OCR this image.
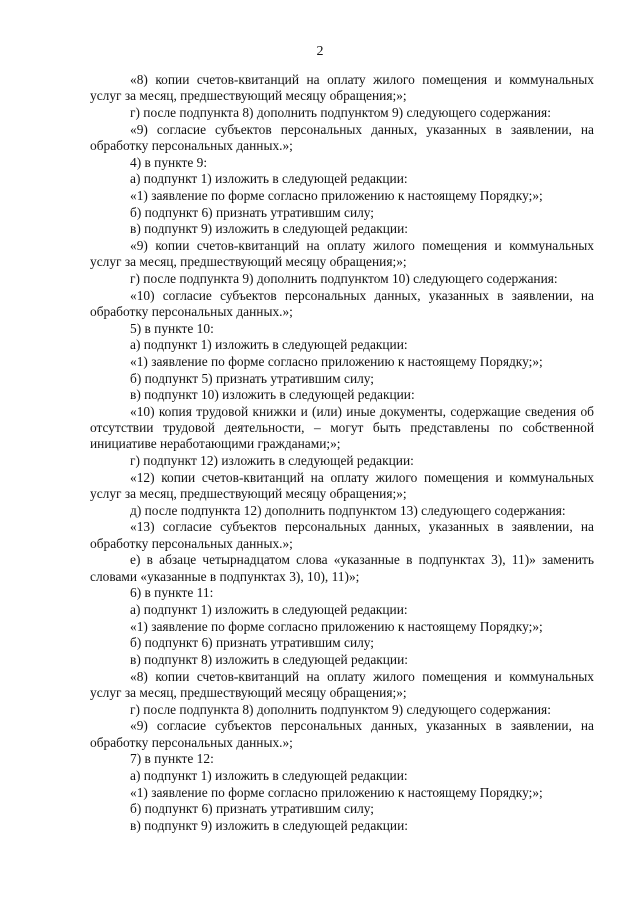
2

«8) копии счетов-квитанций на оплату жилого помещения и коммунальных услуг за месяц, предшествующий месяцу обращения;»;

г) после подпункта 8) дополнить подпунктом 9) следующего содержания:

«9) согласие субъектов персональных данных, указанных в заявлении, на обработку персональных данных.»;

4) в пункте 9:

а) подпункт 1) изложить в следующей редакции:

«1) заявление по форме согласно приложению к настоящему Порядку;»;

б) подпункт 6) признать утратившим силу;

в) подпункт 9) изложить в следующей редакции:

«9) копии счетов-квитанций на оплату жилого помещения и коммунальных услуг за месяц, предшествующий месяцу обращения;»;

г) после подпункта 9) дополнить подпунктом 10) следующего содержания:

«10) согласие субъектов персональных данных, указанных в заявлении, на обработку персональных данных.»;

5) в пункте 10:

а) подпункт 1) изложить в следующей редакции:

«1) заявление по форме согласно приложению к настоящему Порядку;»;

б) подпункт 5) признать утратившим силу;

в) подпункт 10) изложить в следующей редакции:

«10) копия трудовой книжки и (или) иные документы, содержащие сведения об отсутствии трудовой деятельности, – могут быть представлены по собственной инициативе неработающими гражданами;»;

г) подпункт 12) изложить в следующей редакции:

«12) копии счетов-квитанций на оплату жилого помещения и коммунальных услуг за месяц, предшествующий месяцу обращения;»;

д) после подпункта 12) дополнить подпунктом 13) следующего содержания:

«13) согласие субъектов персональных данных, указанных в заявлении, на обработку персональных данных.»;

е) в абзаце четырнадцатом слова «указанные в подпунктах 3), 11)» заменить словами «указанные в подпунктах 3), 10), 11)»;

6) в пункте 11:

а) подпункт 1) изложить в следующей редакции:

«1) заявление по форме согласно приложению к настоящему Порядку;»;

б) подпункт 6) признать утратившим силу;

в) подпункт 8) изложить в следующей редакции:

«8) копии счетов-квитанций на оплату жилого помещения и коммунальных услуг за месяц, предшествующий месяцу обращения;»;

г) после подпункта 8) дополнить подпунктом 9) следующего содержания:

«9) согласие субъектов персональных данных, указанных в заявлении, на обработку персональных данных.»;

7) в пункте 12:

а) подпункт 1) изложить в следующей редакции:

«1) заявление по форме согласно приложению к настоящему Порядку;»;

б) подпункт 6) признать утратившим силу;

в) подпункт 9) изложить в следующей редакции:
